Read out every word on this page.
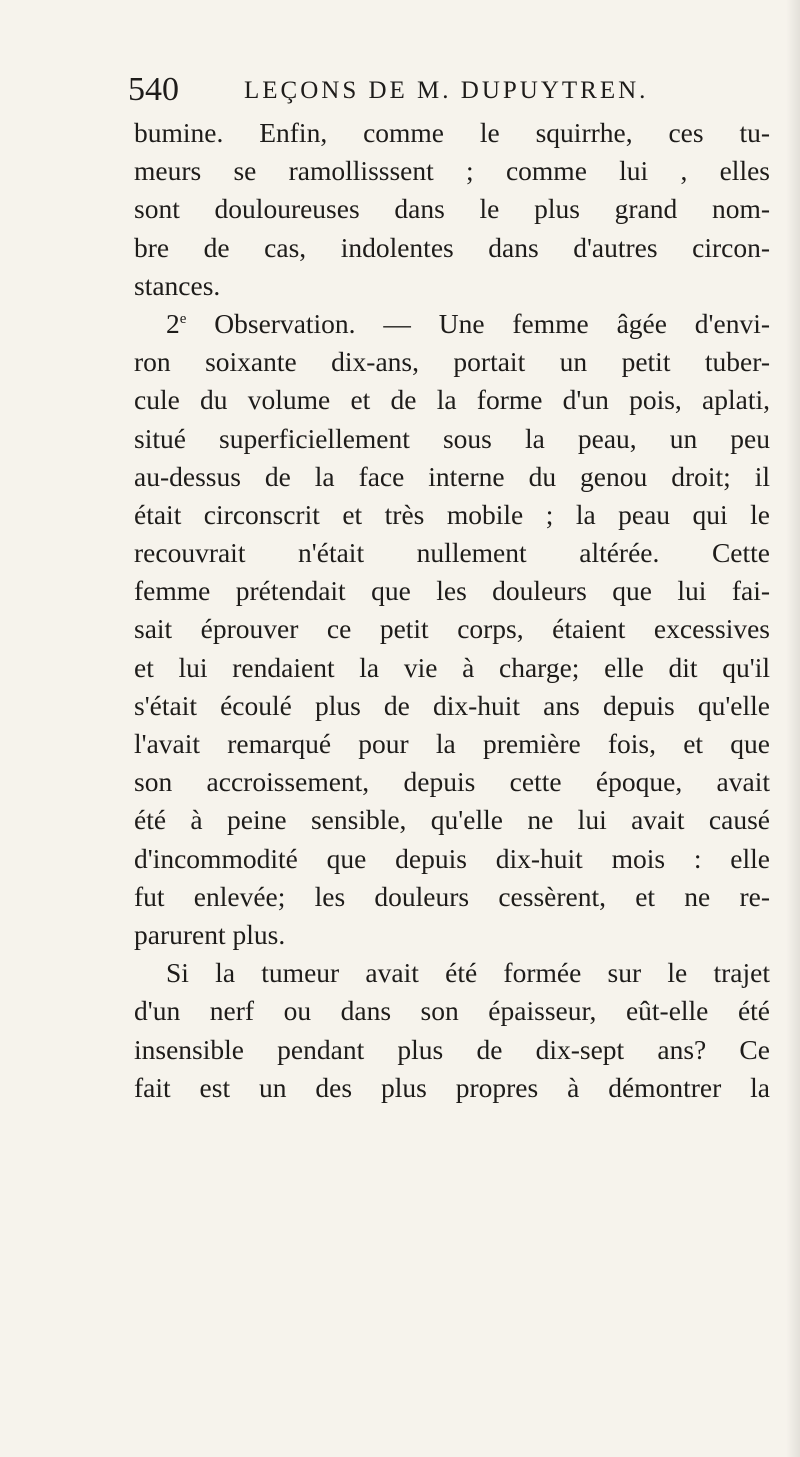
540	LEÇONS DE M. DUPUYTREN.
bumine. Enfin, comme le squirrhe, ces tu-
meurs se ramollisssent ; comme lui , elles
sont douloureuses dans le plus grand nom-
bre de cas, indolentes dans d'autres circon-
stances.
2e Observation. — Une femme âgée d'envi-
ron soixante dix-ans, portait un petit tuber-
cule du volume et de la forme d'un pois, aplati,
situé superficiellement sous la peau, un peu
au-dessus de la face interne du genou droit; il
était circonscrit et très mobile ; la peau qui le
recouvrait n'était nullement altérée. Cette
femme prétendait que les douleurs que lui fai-
sait éprouver ce petit corps, étaient excessives
et lui rendaient la vie à charge; elle dit qu'il
s'était écoulé plus de dix-huit ans depuis qu'elle
l'avait remarqué pour la première fois, et que
son accroissement, depuis cette époque, avait
été à peine sensible, qu'elle ne lui avait causé
d'incommodité que depuis dix-huit mois : elle
fut enlevée; les douleurs cessèrent, et ne re-
parurent plus.
Si la tumeur avait été formée sur le trajet
d'un nerf ou dans son épaisseur, eût-elle été
insensible pendant plus de dix-sept ans? Ce
fait est un des plus propres à démontrer la
